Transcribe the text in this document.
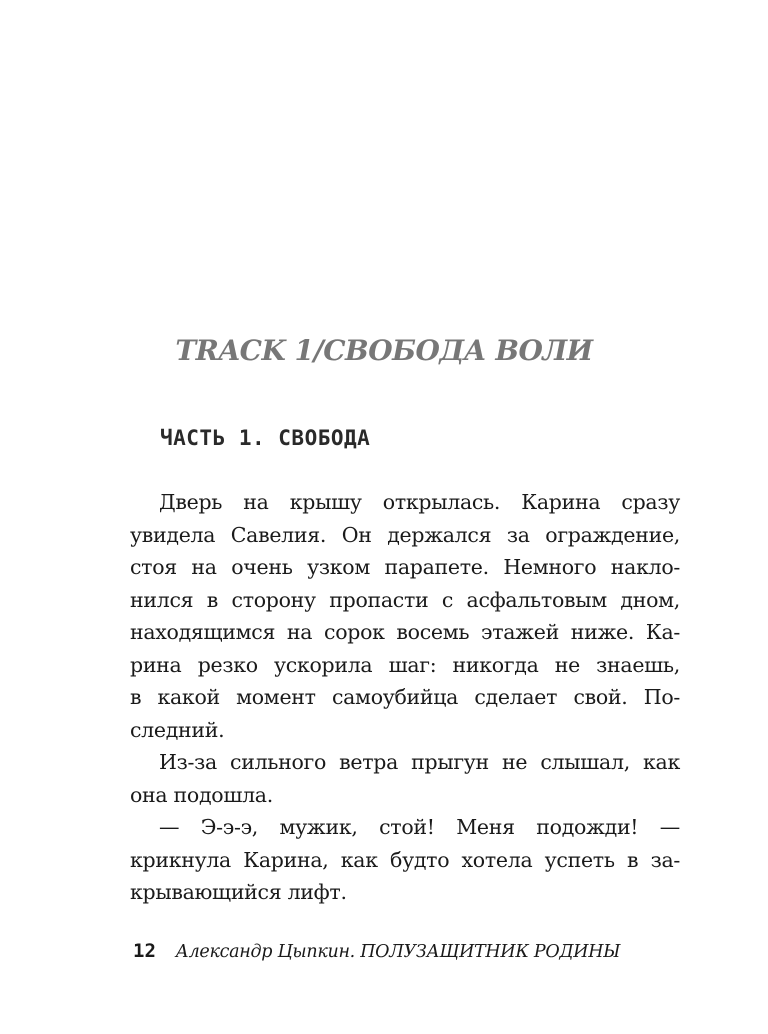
TRACK 1/СВОБОДА ВОЛИ
ЧАСТЬ 1. СВОБОДА
Дверь на крышу открылась. Карина сразу
увидела Савелия. Он держался за ограждение,
стоя на очень узком парапете. Немного накло-
нился в сторону пропасти с асфальтовым дном,
находящимся на сорок восемь этажей ниже. Ка-
рина резко ускорила шаг: никогда не знаешь,
в какой момент самоубийца сделает свой. По-
следний.
Из-за сильного ветра прыгун не слышал, как
она подошла.
— Э-э-э, мужик, стой! Меня подожди! —
крикнула Карина, как будто хотела успеть в за-
крывающийся лифт.
12 Александр Цыпкин. ПОЛУЗАЩИТНИК РОДИНЫ
